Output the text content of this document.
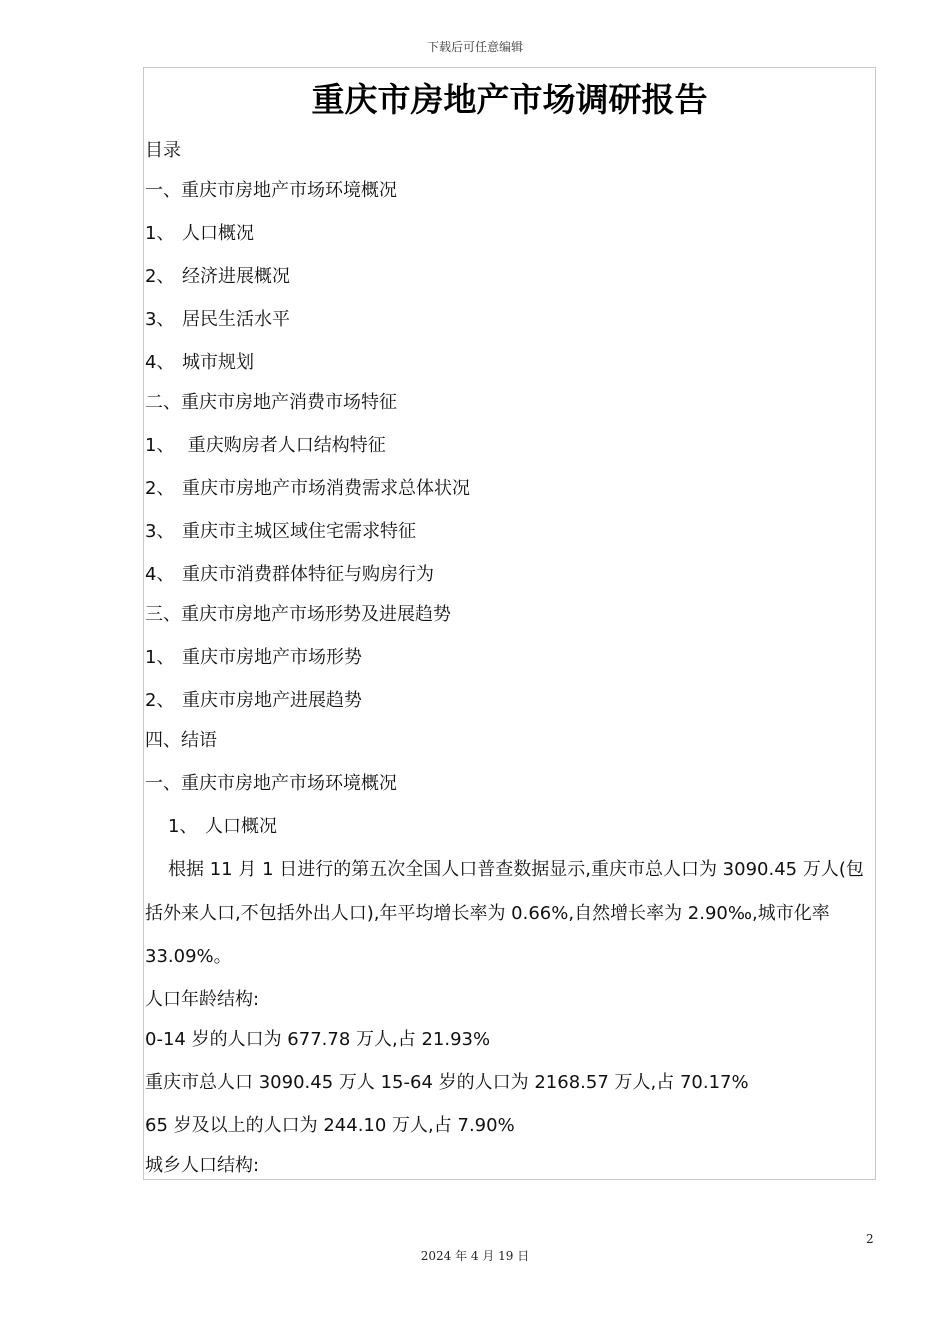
下载后可任意编辑
重庆市房地产市场调研报告
目录
一、重庆市房地产市场环境概况
1、 人口概况
2、 经济进展概况
3、 居民生活水平
4、 城市规划
二、重庆市房地产消费市场特征
1、 重庆购房者人口结构特征
2、 重庆市房地产市场消费需求总体状况
3、 重庆市主城区域住宅需求特征
4、 重庆市消费群体特征与购房行为
三、重庆市房地产市场形势及进展趋势
1、 重庆市房地产市场形势
2、 重庆市房地产进展趋势
四、结语
一、重庆市房地产市场环境概况
1、 人口概况

根据 11 月 1 日进行的第五次全国人口普查数据显示,重庆市总人口为 3090.45 万人(包括外来人口,不包括外出人口),年平均增长率为 0.66%,自然增长率为 2.90‰,城市化率 33.09%。

人口年龄结构:
0-14 岁的人口为 677.78 万人,占 21.93%
重庆市总人口 3090.45 万人 15-64 岁的人口为 2168.57 万人,占 70.17%
65 岁及以上的人口为 244.10 万人,占 7.90%
城乡人口结构:
2
2024 年 4 月 19 日
